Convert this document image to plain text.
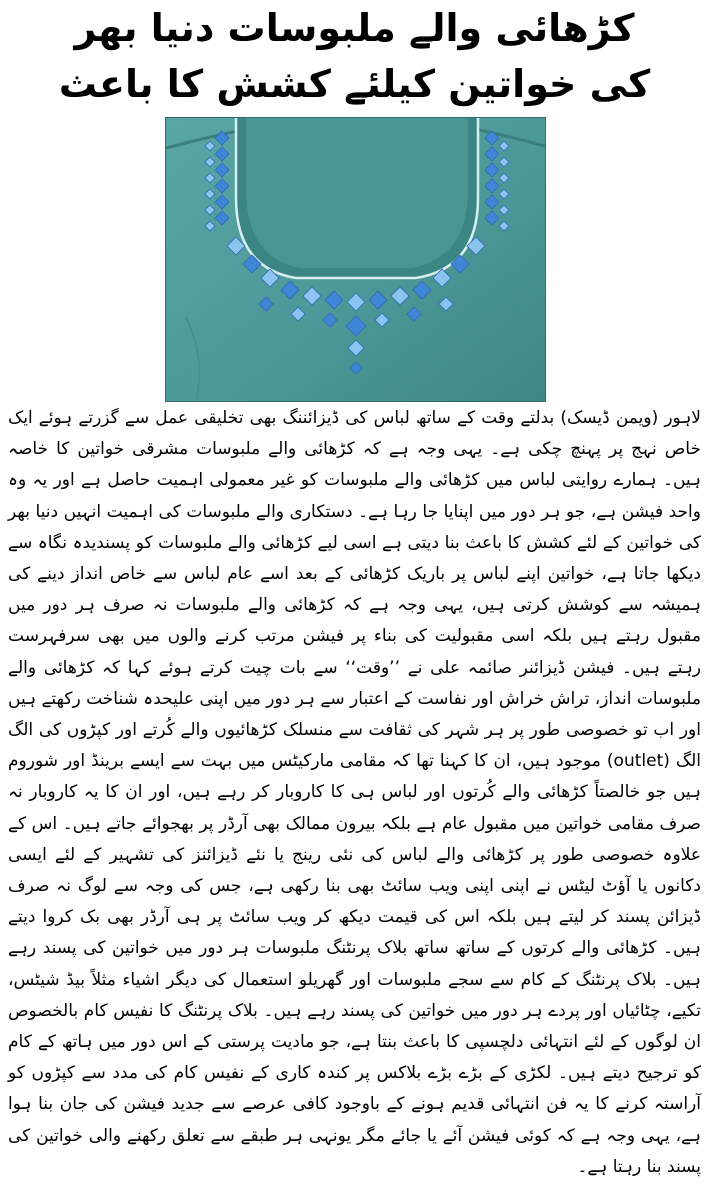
کڑھائی والے ملبوسات دنیا بھر
کی خواتین کیلئے کشش کا باعث
لاہور (ویمن ڈیسک) بدلتے وقت کے ساتھ لباس کی ڈیزائننگ بھی تخلیقی عمل سے گزرتے ہوئے ایک خاص نہج پر پہنچ چکی ہے۔ یہی وجہ ہے کہ کڑھائی والے ملبوسات مشرقی خواتین کا خاصہ ہیں۔ ہمارے روایتی لباس میں کڑھائی والے ملبوسات کو غیر معمولی اہمیت حاصل ہے اور یہ وہ واحد فیشن ہے، جو ہر دور میں اپنایا جا رہا ہے۔ دستکاری والے ملبوسات کی اہمیت انہیں دنیا بھر کی خواتین کے لئے کشش کا باعث بنا دیتی ہے اسی لیے کڑھائی والے ملبوسات کو پسندیدہ نگاہ سے دیکھا جاتا ہے، خواتین اپنے لباس پر باریک کڑھائی کے بعد اسے عام لباس سے خاص انداز دینے کی ہمیشہ سے کوشش کرتی ہیں، یہی وجہ ہے کہ کڑھائی والے ملبوسات نہ صرف ہر دور میں مقبول رہتے ہیں بلکہ اسی مقبولیت کی بناء پر فیشن مرتب کرنے والوں میں بھی سرفہرست رہتے ہیں۔ فیشن ڈیزائنر صائمہ علی نے ’’وقت‘‘ سے بات چیت کرتے ہوئے کہا کہ کڑھائی والے ملبوسات انداز، تراش خراش اور نفاست کے اعتبار سے ہر دور میں اپنی علیحدہ شناخت رکھتے ہیں اور اب تو خصوصی طور پر ہر شہر کی ثقافت سے منسلک کڑھائیوں والے کُرتے اور کپڑوں کی الگ الگ (outlet) موجود ہیں، ان کا کہنا تھا کہ مقامی مارکیٹس میں بہت سے ایسے برینڈ اور شوروم ہیں جو خالصتاً کڑھائی والے کُرتوں اور لباس ہی کا کاروبار کر رہے ہیں، اور ان کا یہ کاروبار نہ صرف مقامی خواتین میں مقبول عام ہے بلکہ بیرون ممالک بھی آرڈر پر بھجوائے جاتے ہیں۔ اس کے علاوہ خصوصی طور پر کڑھائی والے لباس کی نئی رینج یا نئے ڈیزائنز کی تشہیر کے لئے ایسی دکانوں یا آؤٹ لیٹس نے اپنی اپنی ویب سائٹ بھی بنا رکھی ہے، جس کی وجہ سے لوگ نہ صرف ڈیزائن پسند کر لیتے ہیں بلکہ اس کی قیمت دیکھ کر ویب سائٹ پر ہی آرڈر بھی بک کروا دیتے ہیں۔ کڑھائی والے کرتوں کے ساتھ ساتھ بلاک پرنٹنگ ملبوسات ہر دور میں خواتین کی پسند رہے ہیں۔ بلاک پرنٹنگ کے کام سے سجے ملبوسات اور گھریلو استعمال کی دیگر اشیاء مثلاً بیڈ شیٹس، تکیے، چٹائیاں اور پردے ہر دور میں خواتین کی پسند رہے ہیں۔ بلاک پرنٹنگ کا نفیس کام بالخصوص ان لوگوں کے لئے انتہائی دلچسپی کا باعث بنتا ہے، جو مادیت پرستی کے اس دور میں ہاتھ کے کام کو ترجیح دیتے ہیں۔ لکڑی کے بڑے بڑے بلاکس پر کندہ کاری کے نفیس کام کی مدد سے کپڑوں کو آراستہ کرنے کا یہ فن انتہائی قدیم ہونے کے باوجود کافی عرصے سے جدید فیشن کی جان بنا ہوا ہے، یہی وجہ ہے کہ کوئی فیشن آئے یا جائے مگر یونہی ہر طبقے سے تعلق رکھنے والی خواتین کی پسند بنا رہتا ہے۔
